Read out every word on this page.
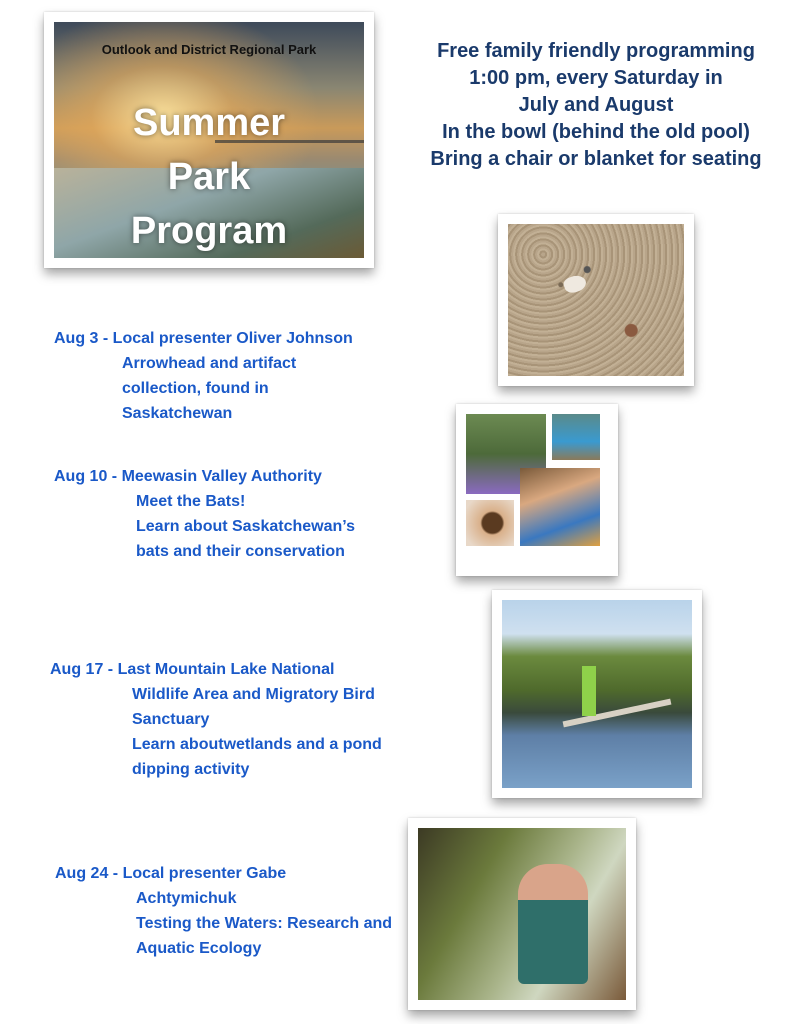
Outlook and District Regional Park
Summer
Park
Program
Free family friendly programming
1:00 pm, every Saturday in
July and August
In the bowl (behind the old pool)
Bring a chair or blanket for seating
Aug 3 - Local presenter Oliver Johnson
Arrowhead and artifact
collection, found in
Saskatchewan
Aug 10 - Meewasin Valley Authority
Meet the Bats!
Learn about Saskatchewan’s
bats and their conservation
Aug 17 - Last Mountain Lake National
Wildlife Area and Migratory Bird
Sanctuary
Learn aboutwetlands and a pond
dipping activity
Aug 24 - Local presenter Gabe
Achtymichuk
Testing the Waters: Research and
Aquatic Ecology
